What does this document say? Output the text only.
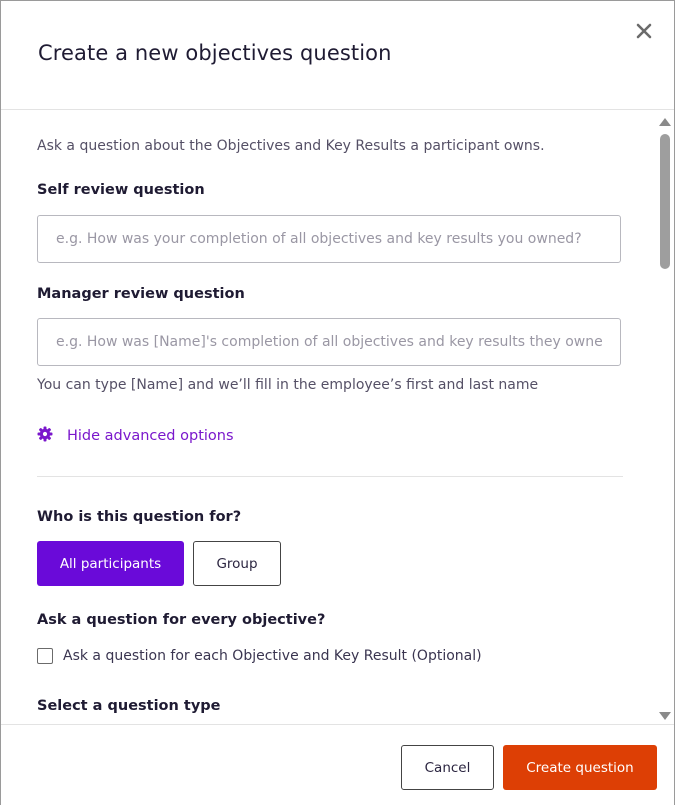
Create a new objectives question
Ask a question about the Objectives and Key Results a participant owns.
Self review question
e.g. How was your completion of all objectives and key results you owned?
Manager review question
e.g. How was [Name]'s completion of all objectives and key results they owned?
You can type [Name] and we’ll fill in the employee’s first and last name
Hide advanced options
Who is this question for?
All participants	Group
Ask a question for every objective?
Ask a question for each Objective and Key Result (Optional)
Select a question type
Cancel	Create question
